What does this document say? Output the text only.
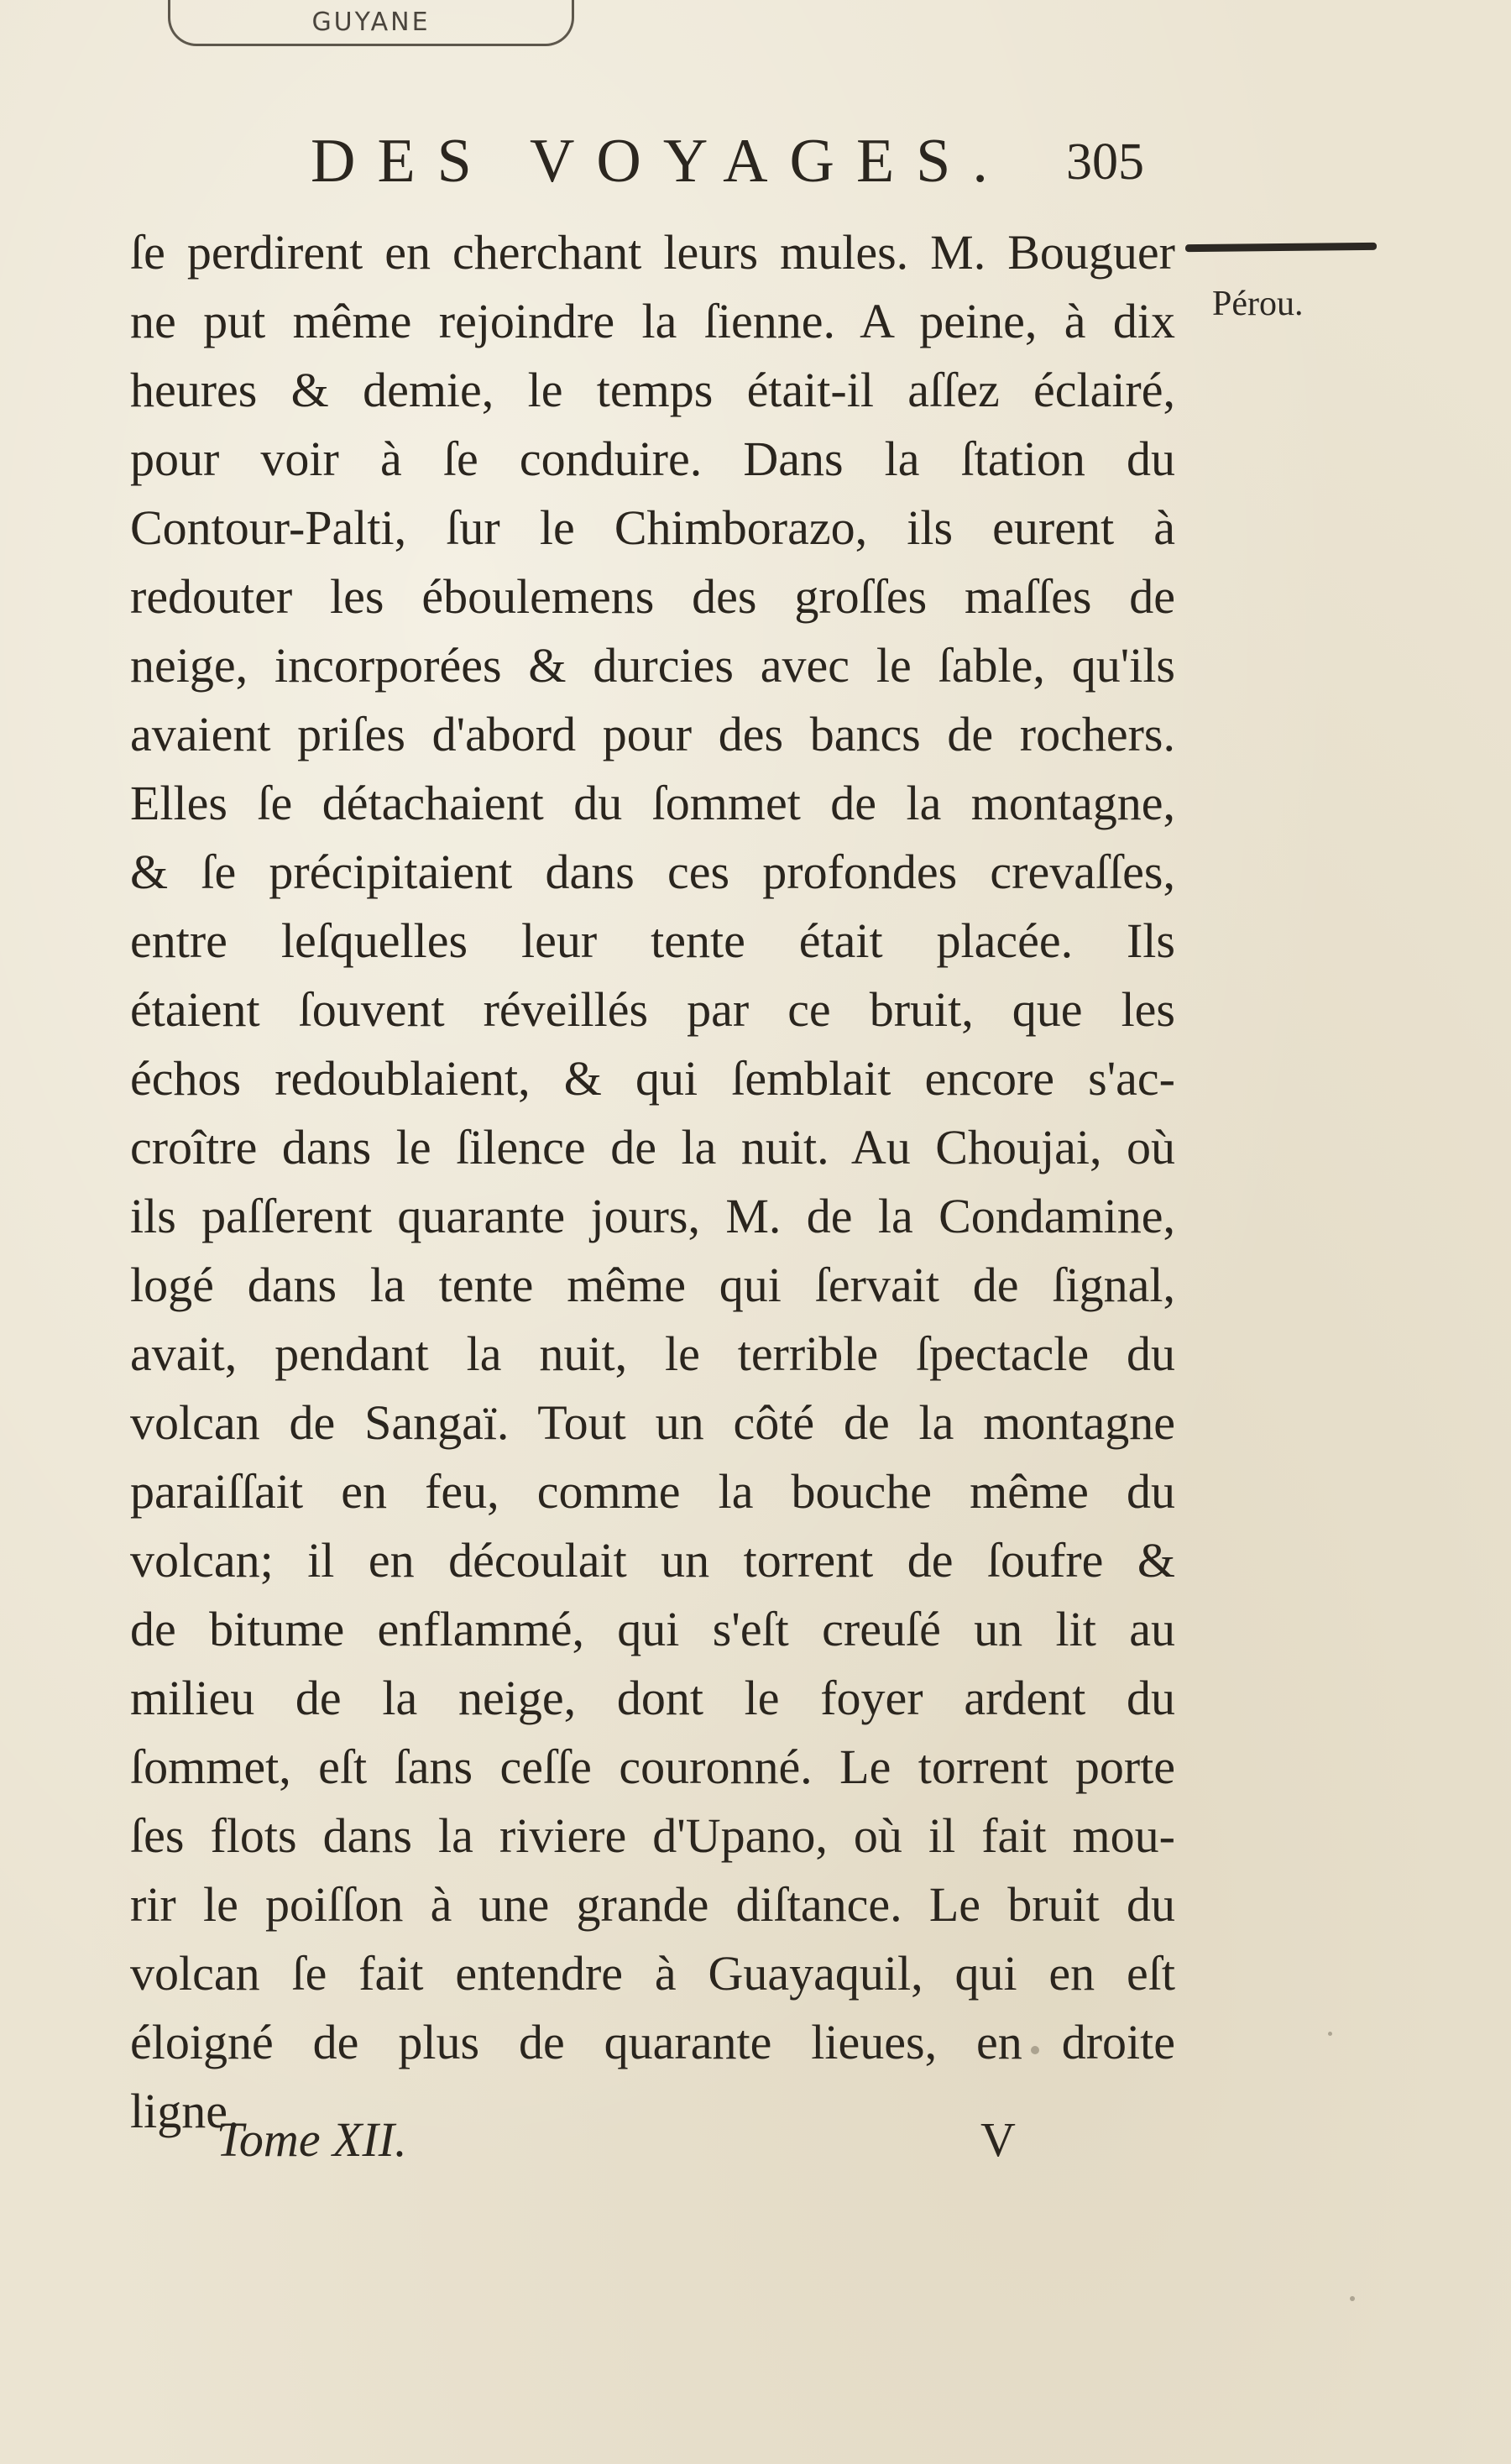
GUYANE
DES VOYAGES.	305
Pérou.
ſe perdirent en cherchant leurs mules. M. Bouguer
ne put même rejoindre la ſienne. A peine, à dix
heures & demie, le temps était-il aſſez éclairé,
pour voir à ſe conduire. Dans la ſtation du
Contour-Palti, ſur le Chimborazo, ils eurent à
redouter les éboulemens des groſſes maſſes de
neige, incorporées & durcies avec le ſable, qu'ils
avaient priſes d'abord pour des bancs de rochers.
Elles ſe détachaient du ſommet de la montagne,
& ſe précipitaient dans ces profondes crevaſſes,
entre leſquelles leur tente était placée. Ils
étaient ſouvent réveillés par ce bruit, que les
échos redoublaient, & qui ſemblait encore s'ac-
croître dans le ſilence de la nuit. Au Choujai, où
ils paſſerent quarante jours, M. de la Condamine,
logé dans la tente même qui ſervait de ſignal,
avait, pendant la nuit, le terrible ſpectacle du
volcan de Sangaï. Tout un côté de la montagne
paraiſſait en feu, comme la bouche même du
volcan; il en découlait un torrent de ſoufre &
de bitume enflammé, qui s'eſt creuſé un lit au
milieu de la neige, dont le foyer ardent du
ſommet, eſt ſans ceſſe couronné. Le torrent porte
ſes flots dans la riviere d'Upano, où il fait mou-
rir le poiſſon à une grande diſtance. Le bruit du
volcan ſe fait entendre à Guayaquil, qui en eſt
éloigné de plus de quarante lieues, en droite
ligne.
Tome XII.	V
